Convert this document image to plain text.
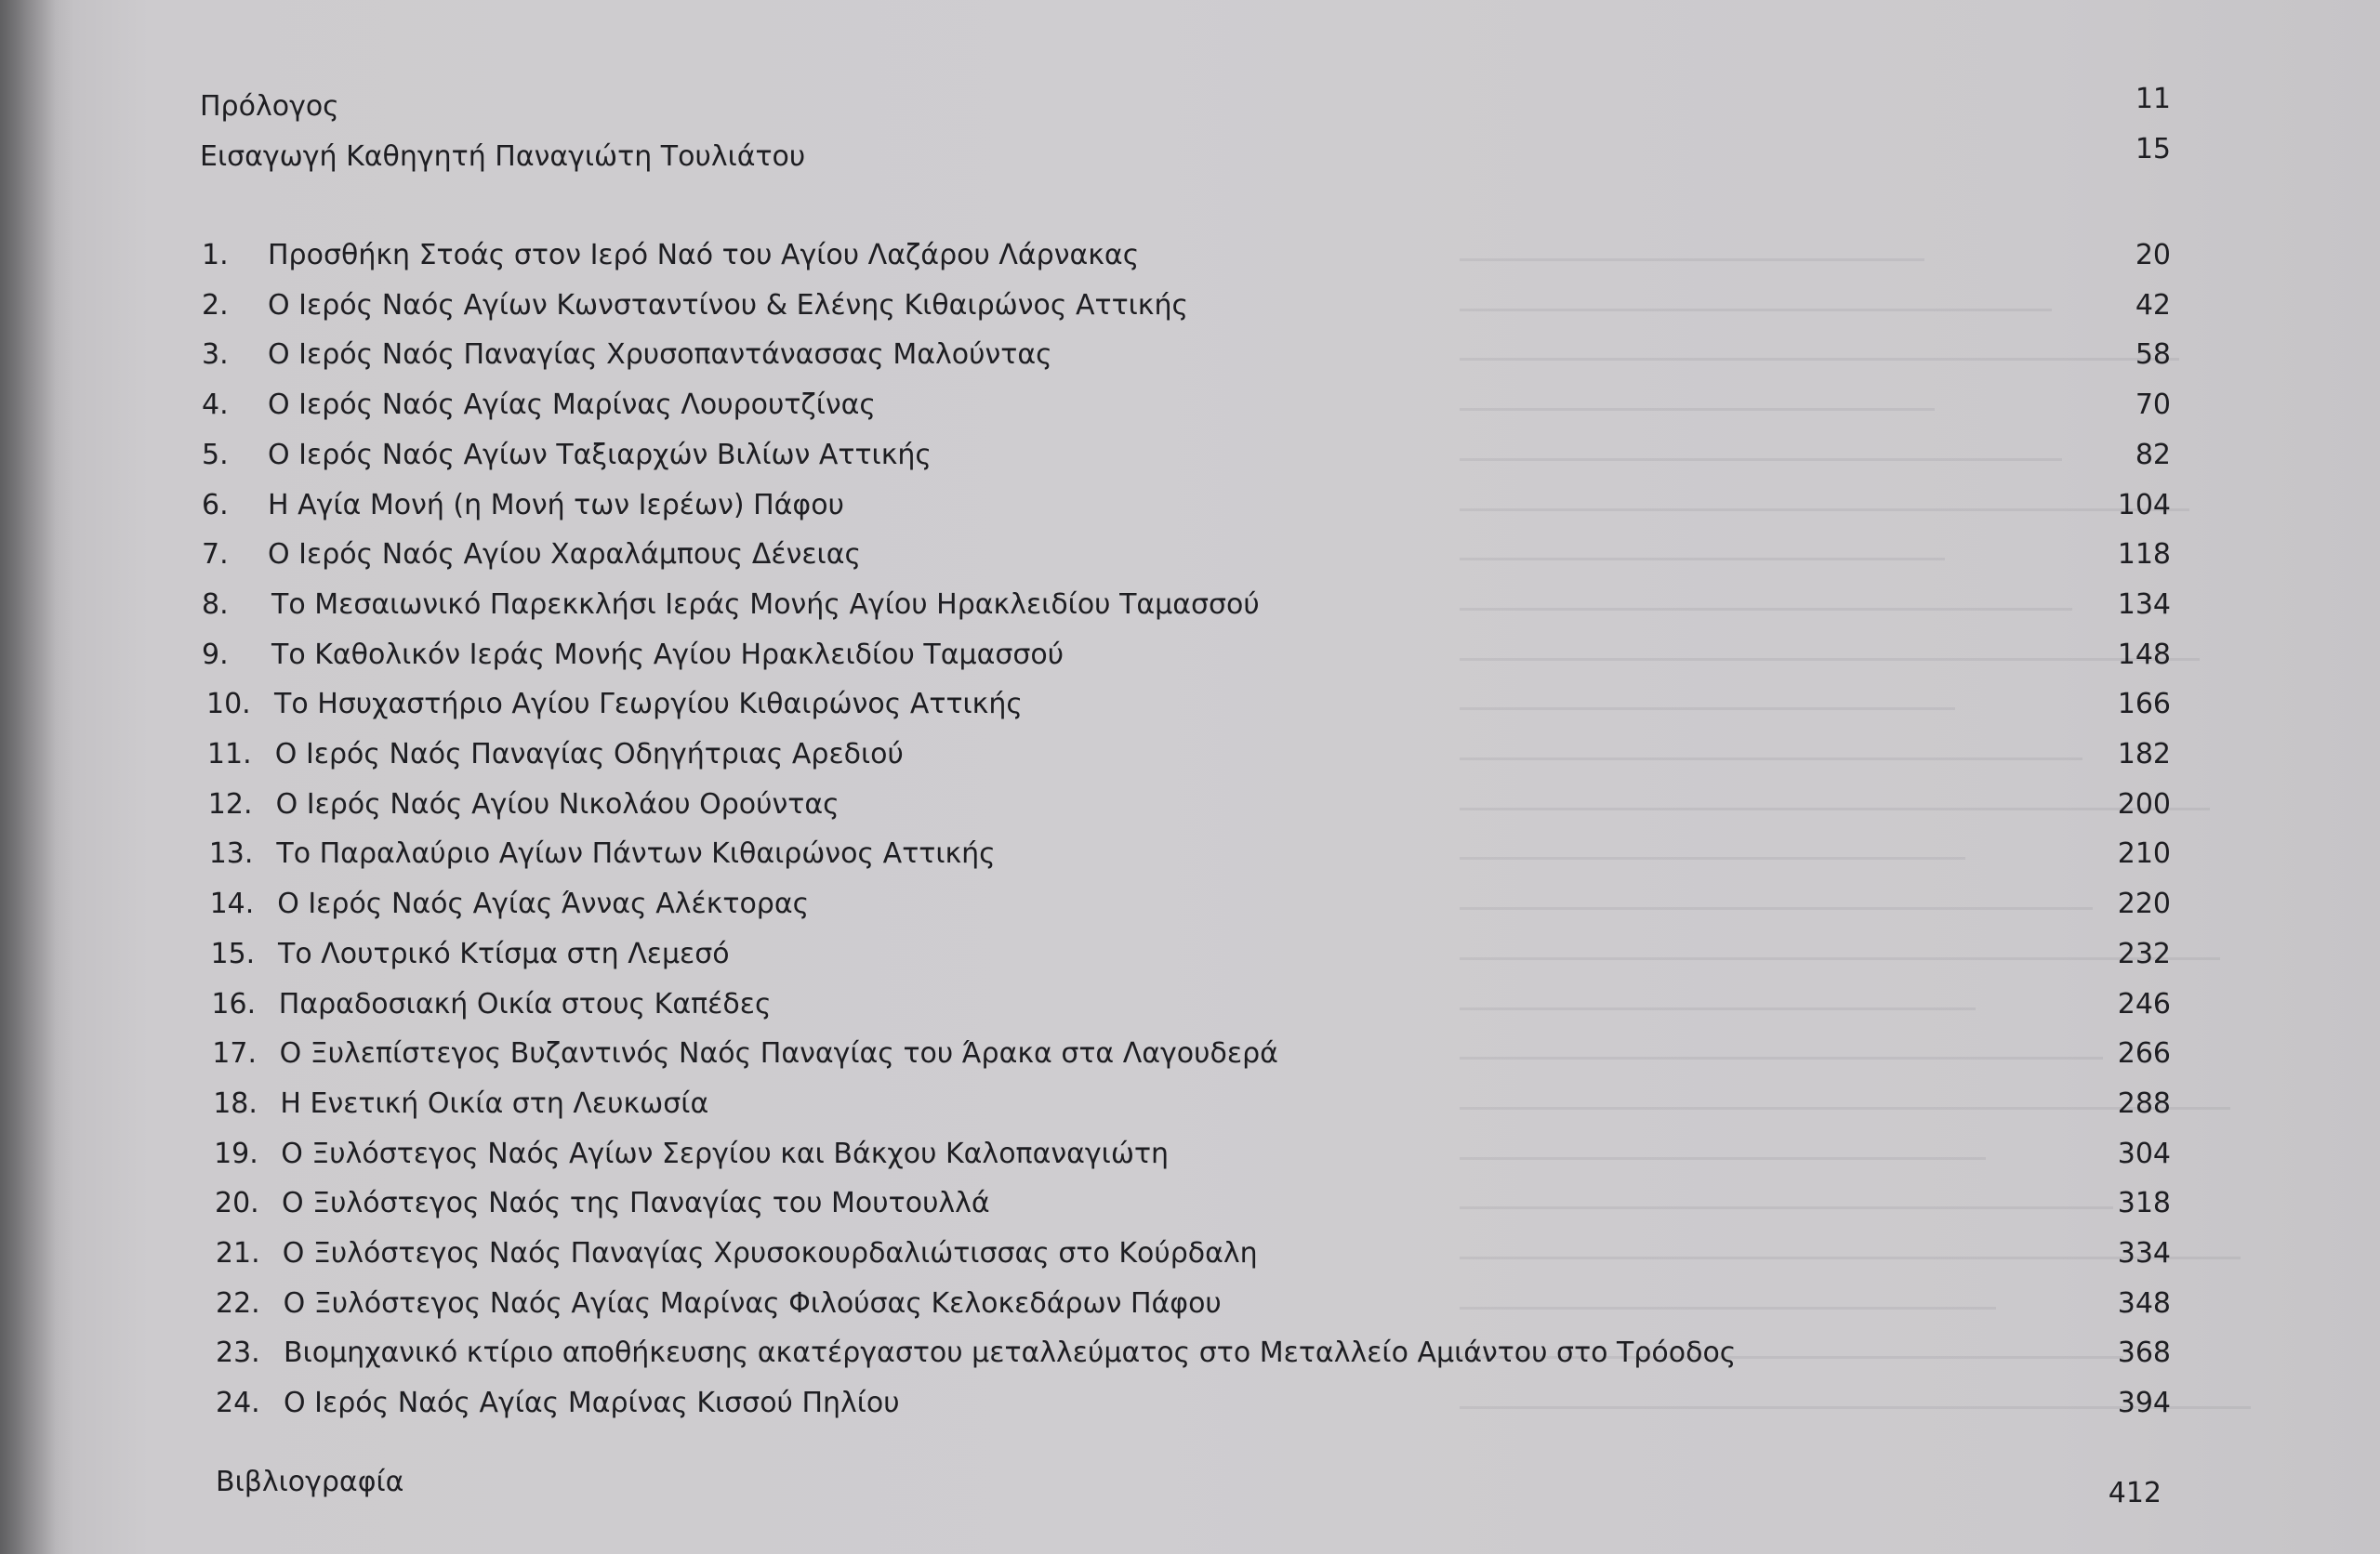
Πρόλογος	11
Εισαγωγή Καθηγητή Παναγιώτη Τουλιάτου	15
1. Προσθήκη Στοάς στον Ιερό Ναό του Αγίου Λαζάρου Λάρνακας	20
2. Ο Ιερός Ναός Αγίων Κωνσταντίνου & Ελένης Κιθαιρώνος Αττικής	42
3. Ο Ιερός Ναός Παναγίας Χρυσοπαντάνασσας Μαλούντας	58
4. Ο Ιερός Ναός Αγίας Μαρίνας Λουρουτζίνας	70
5. Ο Ιερός Ναός Αγίων Ταξιαρχών Βιλίων Αττικής	82
6. Η Αγία Μονή (η Μονή των Ιερέων) Πάφου	104
7. Ο Ιερός Ναός Αγίου Χαραλάμπους Δένειας	118
8. Το Μεσαιωνικό Παρεκκλήσι Ιεράς Μονής Αγίου Ηρακλειδίου Ταμασσού	134
9. Το Καθολικόν Ιεράς Μονής Αγίου Ηρακλειδίου Ταμασσού	148
10. Το Ησυχαστήριο Αγίου Γεωργίου Κιθαιρώνος Αττικής	166
11. Ο Ιερός Ναός Παναγίας Οδηγήτριας Αρεδιού	182
12. Ο Ιερός Ναός Αγίου Νικολάου Ορούντας	200
13. Το Παραλαύριο Αγίων Πάντων Κιθαιρώνος Αττικής	210
14. Ο Ιερός Ναός Αγίας Άννας Αλέκτορας	220
15. Το Λουτρικό Κτίσμα στη Λεμεσό	232
16. Παραδοσιακή Οικία στους Καπέδες	246
17. Ο Ξυλεπίστεγος Βυζαντινός Ναός Παναγίας του Άρακα στα Λαγουδερά	266
18. Η Ενετική Οικία στη Λευκωσία	288
19. Ο Ξυλόστεγος Ναός Αγίων Σεργίου και Βάκχου Καλοπαναγιώτη	304
20. Ο Ξυλόστεγος Ναός της Παναγίας του Μουτουλλά	318
21. Ο Ξυλόστεγος Ναός Παναγίας Χρυσοκουρδαλιώτισσας στο Κούρδαλη	334
22. Ο Ξυλόστεγος Ναός Αγίας Μαρίνας Φιλούσας Κελοκεδάρων Πάφου	348
23. Βιομηχανικό κτίριο αποθήκευσης ακατέργαστου μεταλλεύματος στο Μεταλλείο Αμιάντου στο Τρόοδος	368
24. Ο Ιερός Ναός Αγίας Μαρίνας Κισσού Πηλίου	394
Βιβλιογραφία	412
